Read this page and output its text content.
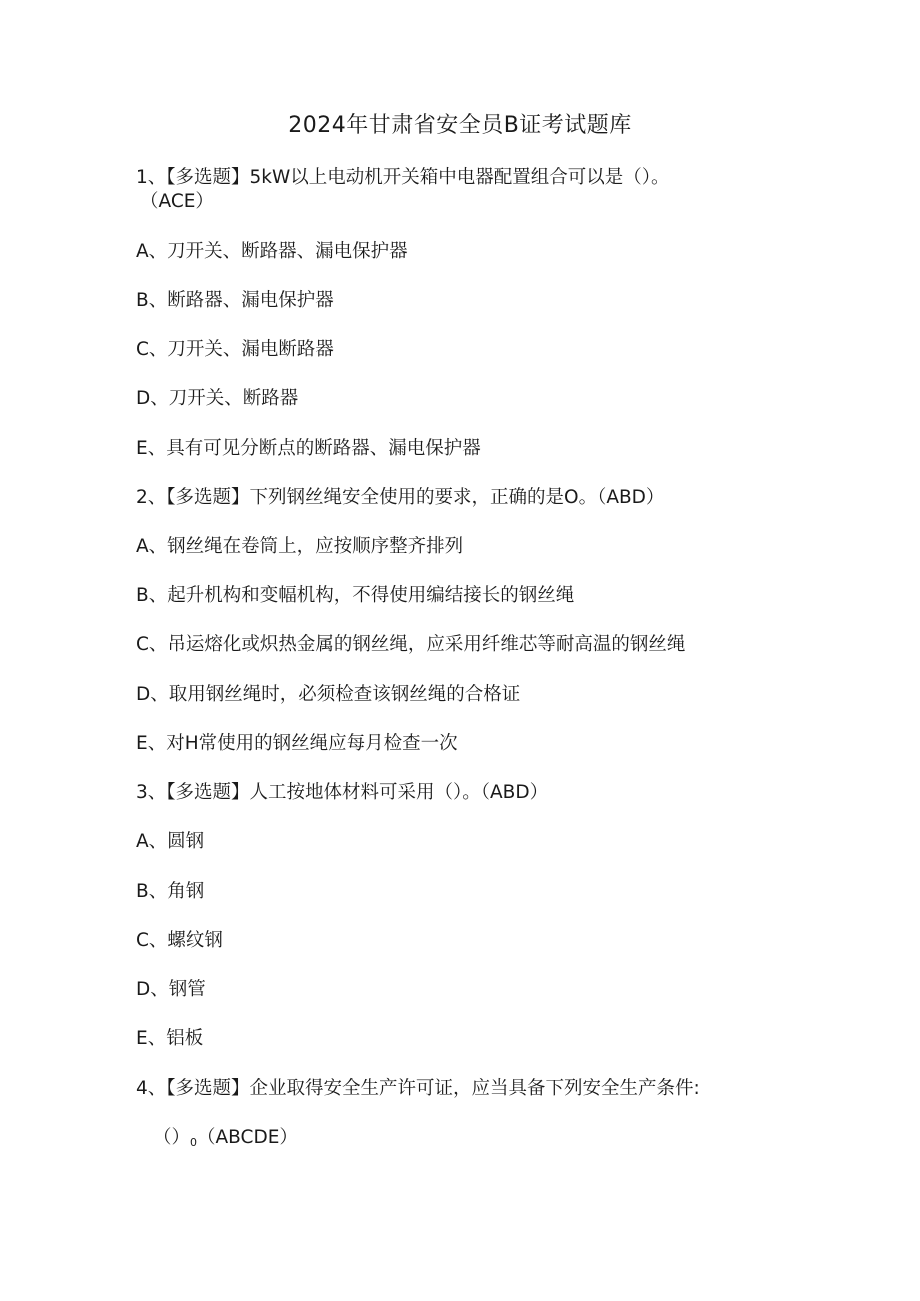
2024年甘肃省安全员B证考试题库
1、【多选题】5kW以上电动机开关箱中电器配置组合可以是（）。
（ACE）
A、刀开关、断路器、漏电保护器
B、断路器、漏电保护器
C、刀开关、漏电断路器
D、刀开关、断路器
E、具有可见分断点的断路器、漏电保护器
2、【多选题】下列钢丝绳安全使用的要求，正确的是O。（ABD）
A、钢丝绳在卷筒上，应按顺序整齐排列
B、起升机构和变幅机构，不得使用编结接长的钢丝绳
C、吊运熔化或炽热金属的钢丝绳，应采用纤维芯等耐高温的钢丝绳
D、取用钢丝绳时，必须检查该钢丝绳的合格证
E、对H常使用的钢丝绳应每月检查一次
3、【多选题】人工按地体材料可采用（）。（ABD）
A、圆钢
B、角钢
C、螺纹钢
D、钢管
E、铝板
4、【多选题】企业取得安全生产许可证，应当具备下列安全生产条件:
$()_0(ABCDE)$
